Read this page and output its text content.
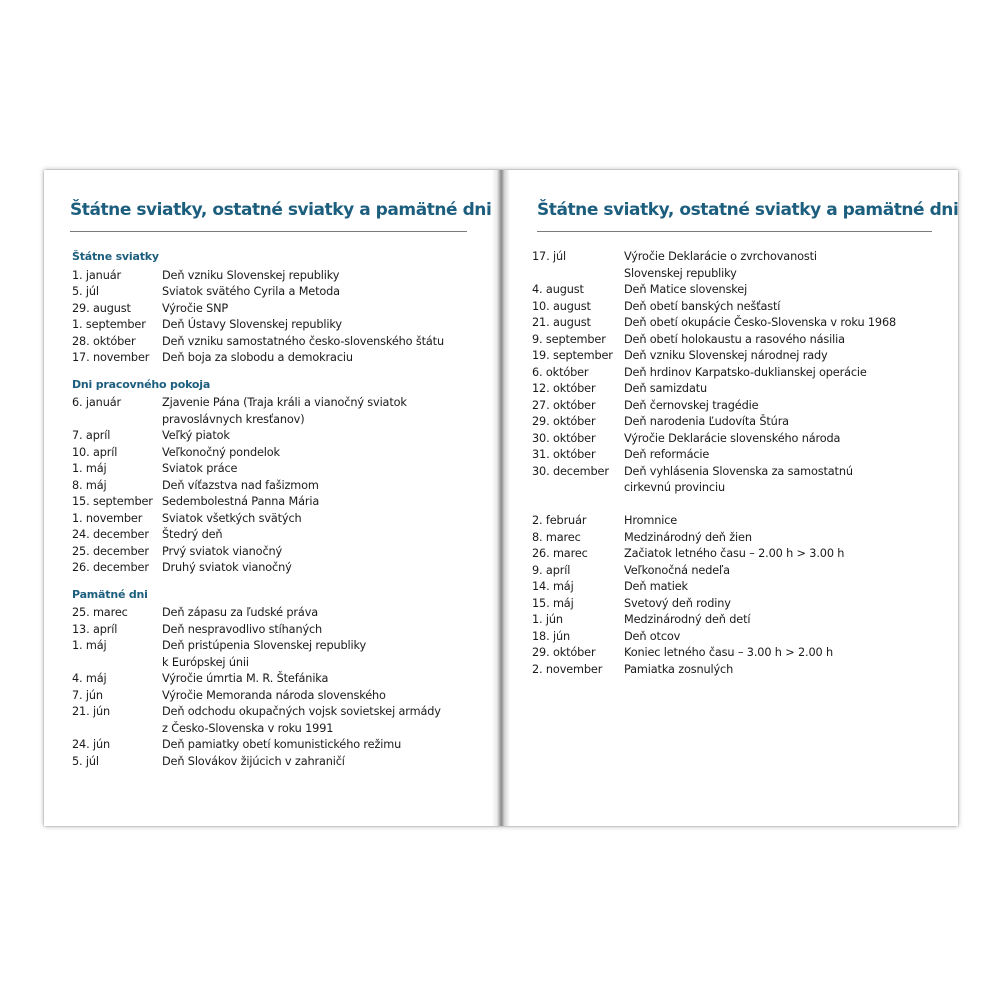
Štátne sviatky, ostatné sviatky a pamätné dni
Štátne sviatky
1. január	Deň vzniku Slovenskej republiky
5. júl	Sviatok svätého Cyrila a Metoda
29. august	Výročie SNP
1. september	Deň Ústavy Slovenskej republiky
28. október	Deň vzniku samostatného česko-slovenského štátu
17. november	Deň boja za slobodu a demokraciu
Dni pracovného pokoja
6. január	Zjavenie Pána (Traja králi a vianočný sviatok
pravoslávnych kresťanov)
7. apríl	Veľký piatok
10. apríl	Veľkonočný pondelok
1. máj	Sviatok práce
8. máj	Deň víťazstva nad fašizmom
15. september Sedembolestná Panna Mária
1. november	Sviatok všetkých svätých
24. december	Štedrý deň
25. december	Prvý sviatok vianočný
26. december	Druhý sviatok vianočný
Pamätné dni
25. marec	Deň zápasu za ľudské práva
13. apríl	Deň nespravodlivo stíhaných
1. máj	Deň pristúpenia Slovenskej republiky
k Európskej únii
4. máj	Výročie úmrtia M. R. Štefánika
7. jún	Výročie Memoranda národa slovenského
21. jún	Deň odchodu okupačných vojsk sovietskej armády
z Česko-Slovenska v roku 1991
24. jún	Deň pamiatky obetí komunistického režimu
5. júl	Deň Slovákov žijúcich v zahraničí
Štátne sviatky, ostatné sviatky a pamätné dni
17. júl	Výročie Deklarácie o zvrchovanosti
Slovenskej republiky
4. august	Deň Matice slovenskej
10. august	Deň obetí banských nešťastí
21. august	Deň obetí okupácie Česko-Slovenska v roku 1968
9. september	Deň obetí holokaustu a rasového násilia
19. september Deň vzniku Slovenskej národnej rady
6. október	Deň hrdinov Karpatsko-duklianskej operácie
12. október	Deň samizdatu
27. október	Deň černovskej tragédie
29. október	Deň narodenia Ľudovíta Štúra
30. október	Výročie Deklarácie slovenského národa
31. október	Deň reformácie
30. december	Deň vyhlásenia Slovenska za samostatnú
cirkevnú provinciu
2. február	Hromnice
8. marec	Medzinárodný deň žien
26. marec	Začiatok letného času – 2.00 h > 3.00 h
9. apríl	Veľkonočná nedeľa
14. máj	Deň matiek
15. máj	Svetový deň rodiny
1. jún	Medzinárodný deň detí
18. jún	Deň otcov
29. október	Koniec letného času – 3.00 h > 2.00 h
2. november	Pamiatka zosnulých
